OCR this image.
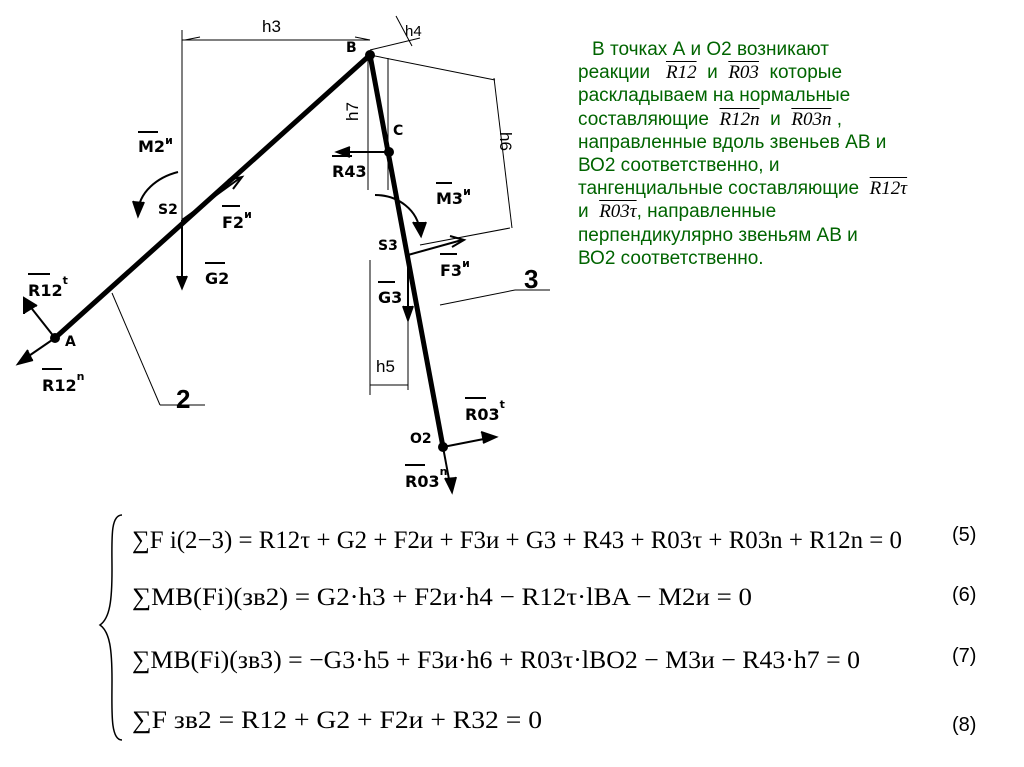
B
C
A
S2
S3
O2
h3	h4
h5
h6
h7
$M2^и$
$F2^и$
R43
$M3^и$
G2
G3
$F3^и$
R12$^t$
R12$^n$
R03$^t$
R03$^n$
2
3
∑F i(2−3) = R12τ + G2 + F2и + F3и + G3 + R43 + R03τ + R03n + R12n = 0
∑MB(Fi)(зв2) = G2·h3 + F2и·h4 − R12τ·lBA − M2и = 0
∑MB(Fi)(зв3) = −G3·h5 + F3и·h6 + R03τ·lBO2 − M3и − R43·h7 = 0
∑F зв2 = R12 + G2 + F2и + R32 = 0
(5)
(6)
(7)
(8)
В точках А и О2 возникают
реакции R12 и R03 которые
раскладываем на нормальные
составляющие R12n и R03n ,
направленные вдоль звеньев АВ и
ВО2 соответственно, и
тангенциальные составляющие R12τ
и R03τ, направленные
перпендикулярно звеньям АВ и
ВО2 соответственно.
